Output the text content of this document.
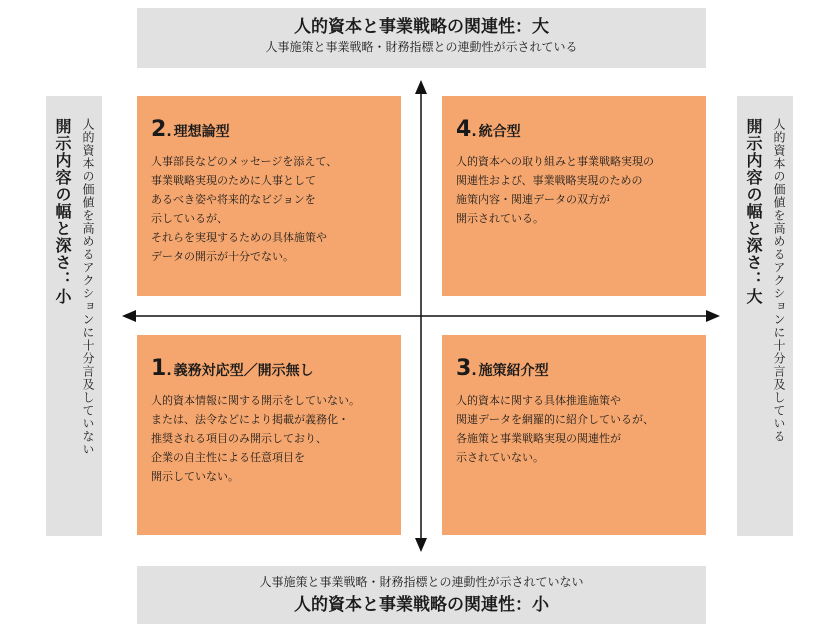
人的資本と事業戦略の関連性：大
人事施策と事業戦略・財務指標との連動性が示されている
人事施策と事業戦略・財務指標との連動性が示されていない
人的資本と事業戦略の関連性：小
人的資本の価値を高めるアクションに十分言及していない
開示内容の幅と深さ：小	人的資本の価値を高めるアクションに十分言及している
開示内容の幅と深さ：大
2 . 理想論型
人事部長などのメッセージを添えて、
事業戦略実現のために人事として
あるべき姿や将来的なビジョンを
示しているが、
それらを実現するための具体施策や
データの開示が十分でない。
4 . 統合型
人的資本への取り組みと事業戦略実現の
関連性および、事業戦略実現のための
施策内容・関連データの双方が
開示されている。
1 . 義務対応型／開示無し
人的資本情報に関する開示をしていない。
または、法令などにより掲載が義務化・
推奨される項目のみ開示しており、
企業の自主性による任意項目を
開示していない。
3 . 施策紹介型
人的資本に関する具体推進施策や
関連データを網羅的に紹介しているが、
各施策と事業戦略実現の関連性が
示されていない。
